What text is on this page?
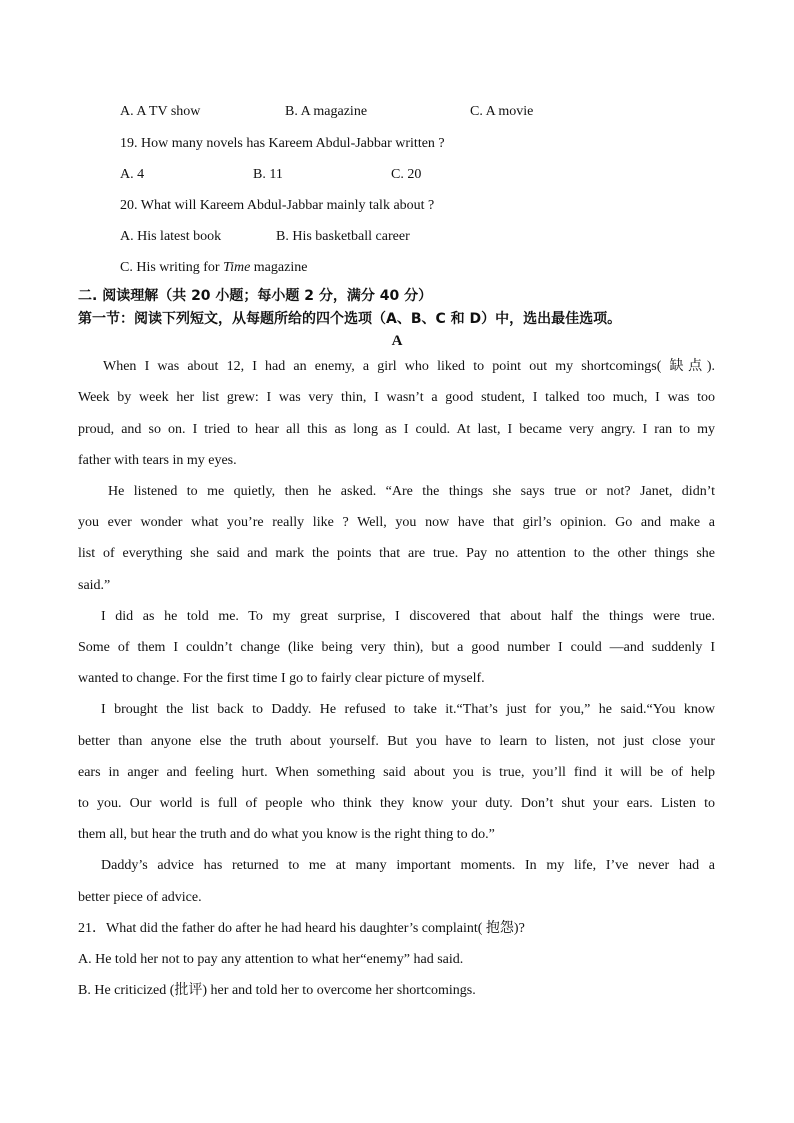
A. A TV show	B. A magazine	C. A movie
19. How many novels has Kareem Abdul-Jabbar written ?
A. 4	B. 11	C. 20
20. What will Kareem Abdul-Jabbar mainly talk about ?
A. His latest book	B. His basketball career
C. His writing for Time magazine
二. 阅读理解（共 20 小题；每小题 2 分，满分 40 分）
第一节：阅读下列短文，从每题所给的四个选项（A、B、C 和 D）中，选出最佳选项。
A
When I was about 12, I had an enemy, a girl who liked to point out my shortcomings( 缺点).
Week by week her list grew: I was very thin, I wasn’t a good student, I talked too much, I was too
proud, and so on. I tried to hear all this as long as I could. At last, I became very angry. I ran to my
father with tears in my eyes.
He listened to me quietly, then he asked. “Are the things she says true or not? Janet, didn’t
you ever wonder what you’re really like ? Well, you now have that girl’s opinion. Go and make a
list of everything she said and mark the points that are true. Pay no attention to the other things she
said.”
I did as he told me. To my great surprise, I discovered that about half the things were true.
Some of them I couldn’t change (like being very thin), but a good number I could —and suddenly I
wanted to change. For the first time I go to fairly clear picture of myself.
I brought the list back to Daddy. He refused to take it.“That’s just for you,” he said.“You know
better than anyone else the truth about yourself. But you have to learn to listen, not just close your
ears in anger and feeling hurt. When something said about you is true, you’ll find it will be of help
to you. Our world is full of people who think they know your duty. Don’t shut your ears. Listen to
them all, but hear the truth and do what you know is the right thing to do.”
Daddy’s advice has returned to me at many important moments. In my life, I’ve never had a
better piece of advice.
21．What did the father do after he had heard his daughter’s complaint( 抱怨)?
A. He told her not to pay any attention to what her“enemy” had said.
B. He criticized (批评) her and told her to overcome her shortcomings.
